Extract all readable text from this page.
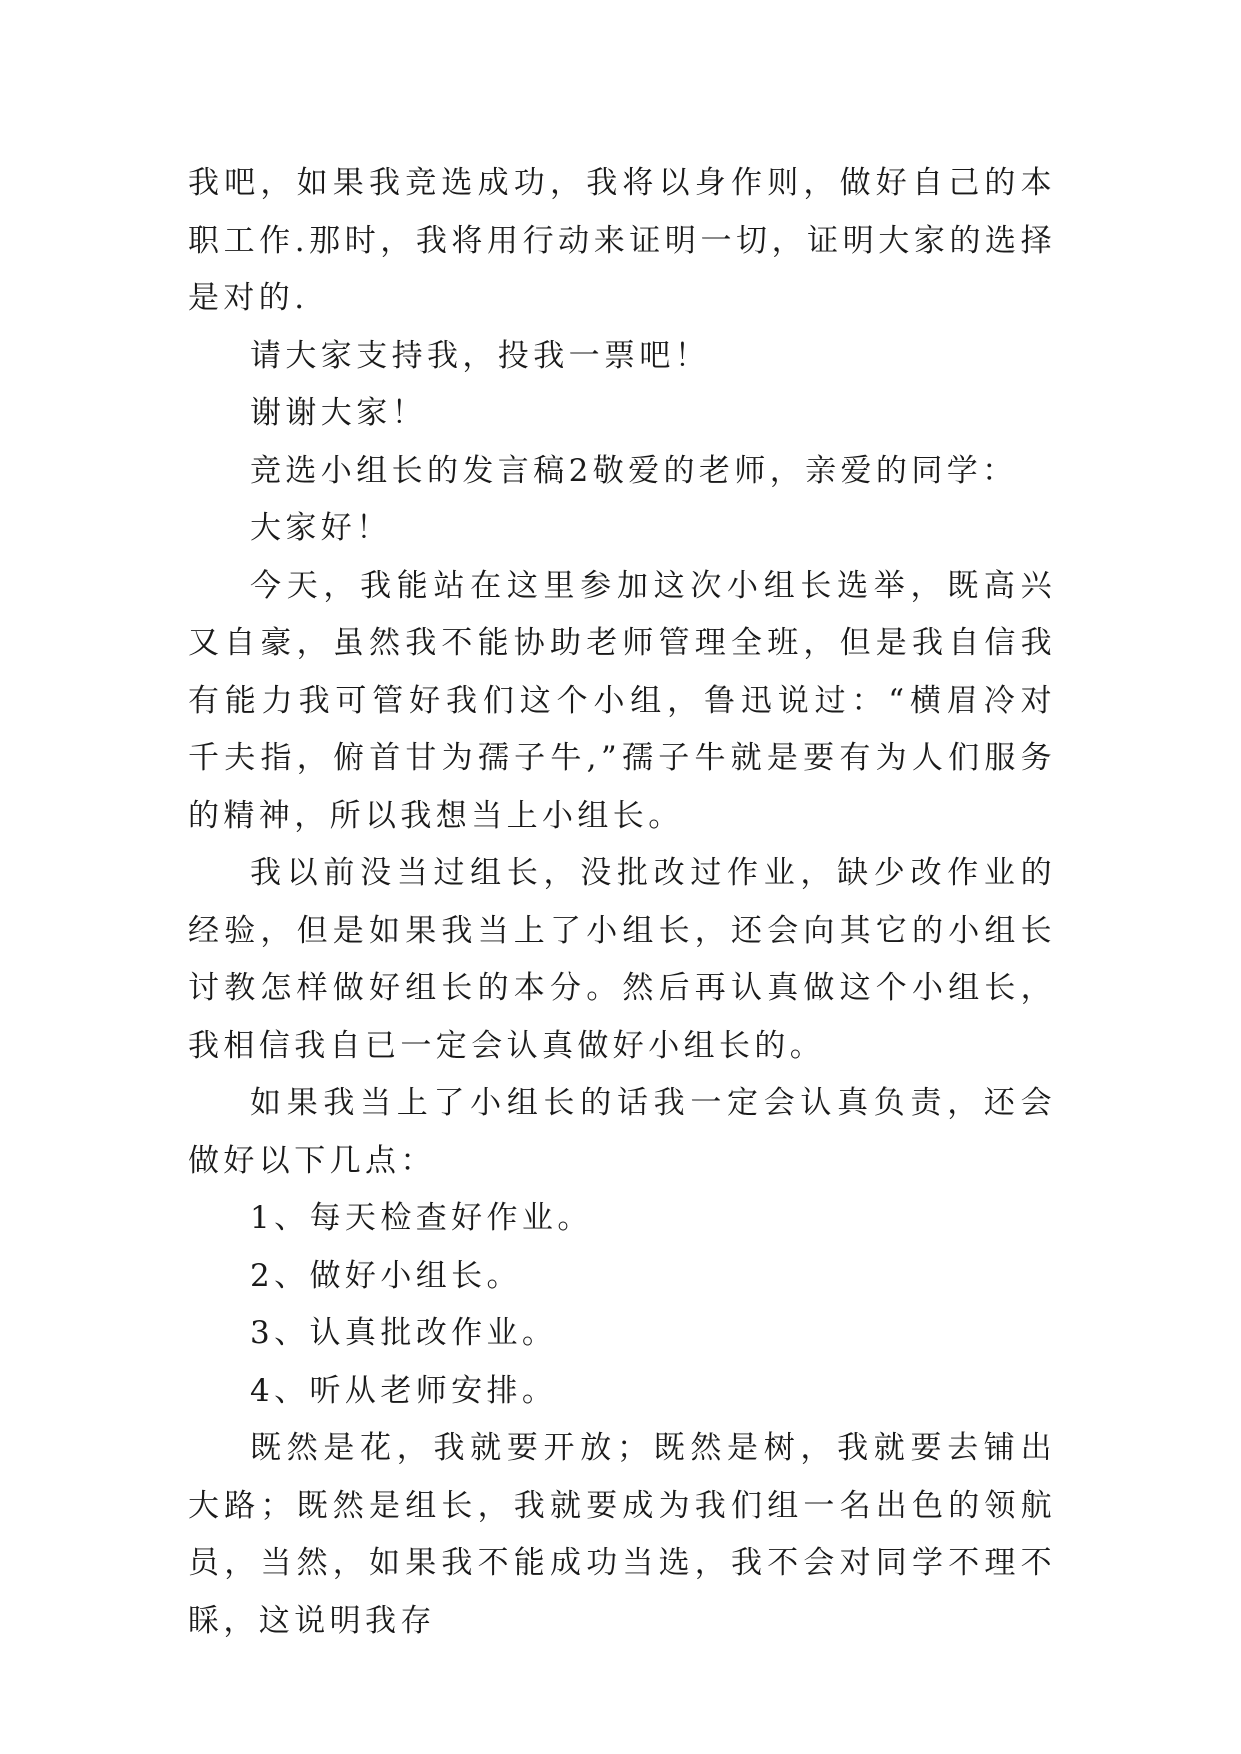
我吧，如果我竞选成功，我将以身作则，做好自己的本职工作.那时，我将用行动来证明一切，证明大家的选择是对的.

请大家支持我，投我一票吧！

谢谢大家！

竞选小组长的发言稿2敬爱的老师，亲爱的同学：

大家好！

今天，我能站在这里参加这次小组长选举，既高兴又自豪，虽然我不能协助老师管理全班，但是我自信我有能力我可管好我们这个小组，鲁迅说过：“横眉冷对千夫指，俯首甘为孺子牛,”孺子牛就是要有为人们服务的精神，所以我想当上小组长。

我以前没当过组长，没批改过作业，缺少改作业的经验，但是如果我当上了小组长，还会向其它的小组长讨教怎样做好组长的本分。然后再认真做这个小组长，我相信我自已一定会认真做好小组长的。

如果我当上了小组长的话我一定会认真负责，还会做好以下几点：

1、每天检查好作业。

2、做好小组长。

3、认真批改作业。

4、听从老师安排。

既然是花，我就要开放；既然是树，我就要去铺出大路；既然是组长，我就要成为我们组一名出色的领航员，当然，如果我不能成功当选，我不会对同学不理不睬，这说明我存
